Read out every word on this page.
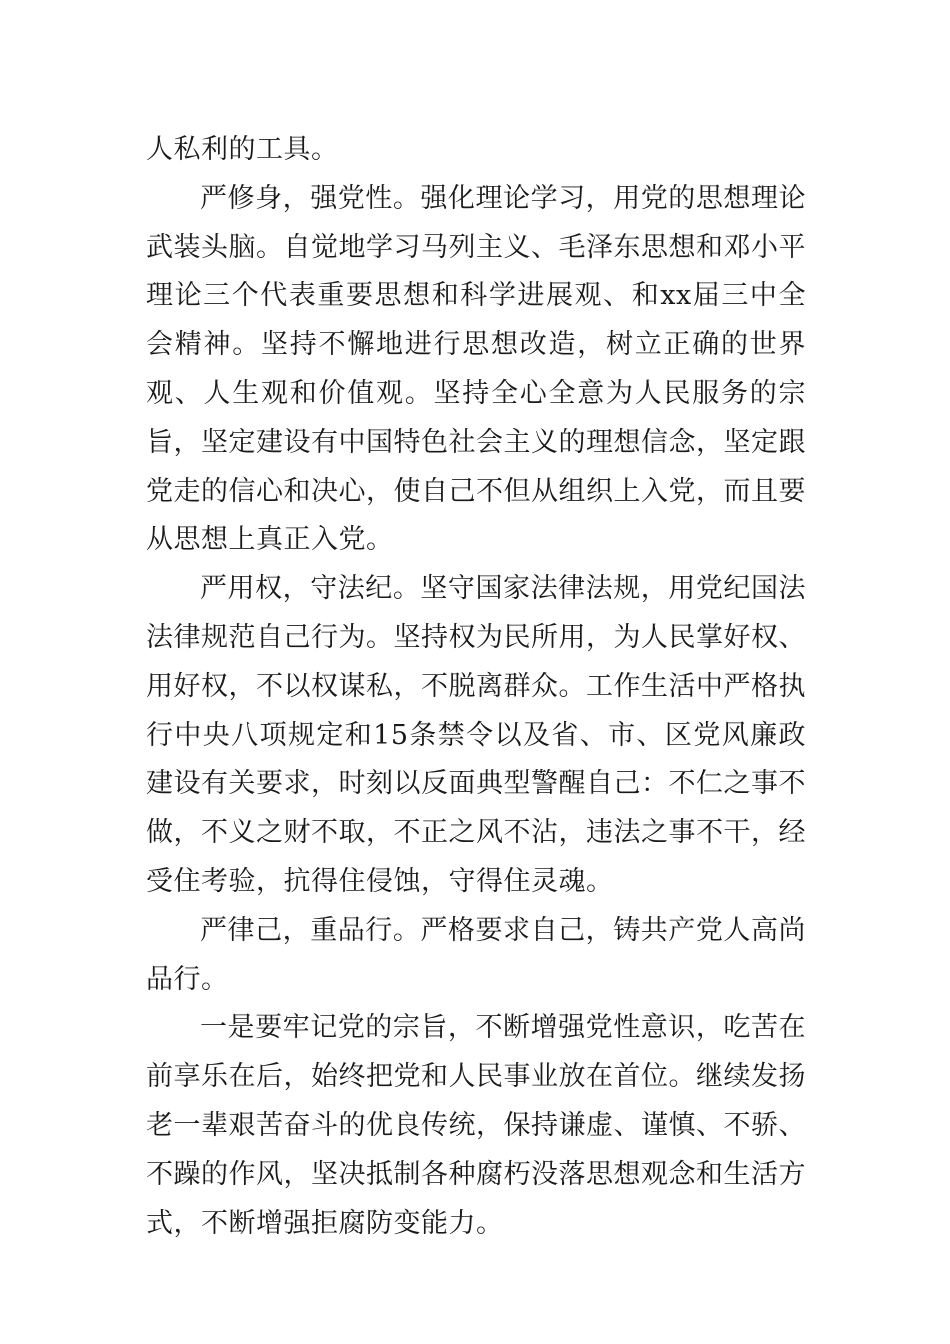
人私利的工具。

严修身，强党性。强化理论学习，用党的思想理论武装头脑。自觉地学习马列主义、毛泽东思想和邓小平理论三个代表重要思想和科学进展观、和xx届三中全会精神。坚持不懈地进行思想改造，树立正确的世界观、人生观和价值观。坚持全心全意为人民服务的宗旨，坚定建设有中国特色社会主义的理想信念，坚定跟党走的信心和决心，使自己不但从组织上入党，而且要从思想上真正入党。

严用权，守法纪。坚守国家法律法规，用党纪国法法律规范自己行为。坚持权为民所用，为人民掌好权、用好权，不以权谋私，不脱离群众。工作生活中严格执行中央八项规定和15条禁令以及省、市、区党风廉政建设有关要求，时刻以反面典型警醒自己：不仁之事不做，不义之财不取，不正之风不沾，违法之事不干，经受住考验，抗得住侵蚀，守得住灵魂。

严律己，重品行。严格要求自己，铸共产党人高尚品行。

一是要牢记党的宗旨，不断增强党性意识，吃苦在前享乐在后，始终把党和人民事业放在首位。继续发扬老一辈艰苦奋斗的优良传统，保持谦虚、谨慎、不骄、不躁的作风，坚决抵制各种腐朽没落思想观念和生活方式，不断增强拒腐防变能力。
